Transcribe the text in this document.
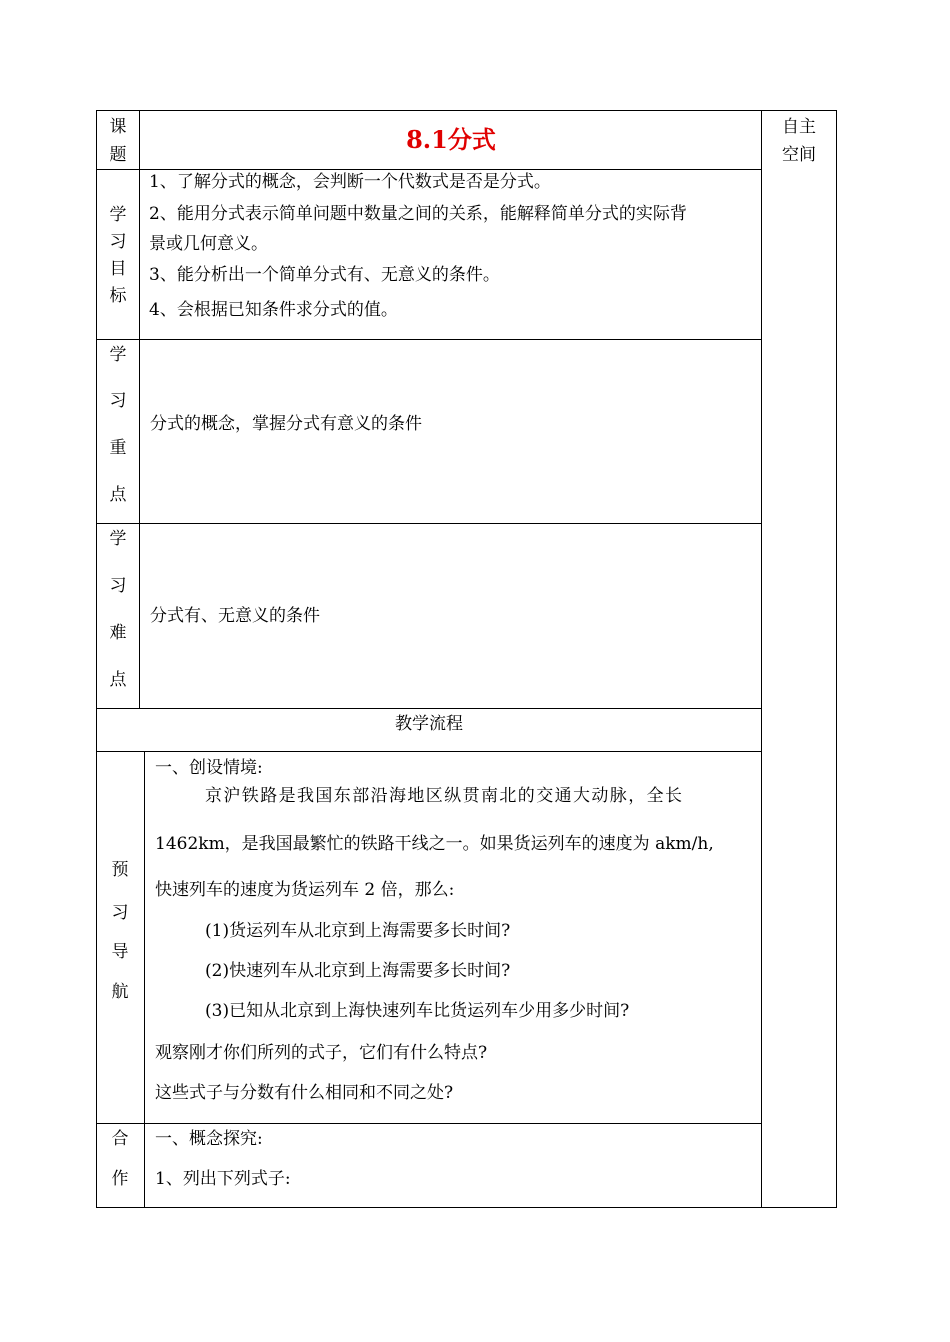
课
题
8.1分式	自主
空间
学
习
目
标
1、了解分式的概念，会判断一个代数式是否是分式。
2、能用分式表示简单问题中数量之间的关系，能解释简单分式的实际背
景或几何意义。
3、能分析出一个简单分式有、无意义的条件。
4、会根据已知条件求分式的值。
学
习
重
点
分式的概念，掌握分式有意义的条件
学
习
难
点
分式有、无意义的条件
教学流程
预
习
导
航
一、创设情境:
京沪铁路是我国东部沿海地区纵贯南北的交通大动脉，全长
1462km，是我国最繁忙的铁路干线之一。如果货运列车的速度为 akm/h,
快速列车的速度为货运列车 2 倍，那么:
(1)货运列车从北京到上海需要多长时间?
(2)快速列车从北京到上海需要多长时间?
(3)已知从北京到上海快速列车比货运列车少用多少时间?
观察刚才你们所列的式子，它们有什么特点?
这些式子与分数有什么相同和不同之处?
合
作
一、概念探究:
1、列出下列式子:
